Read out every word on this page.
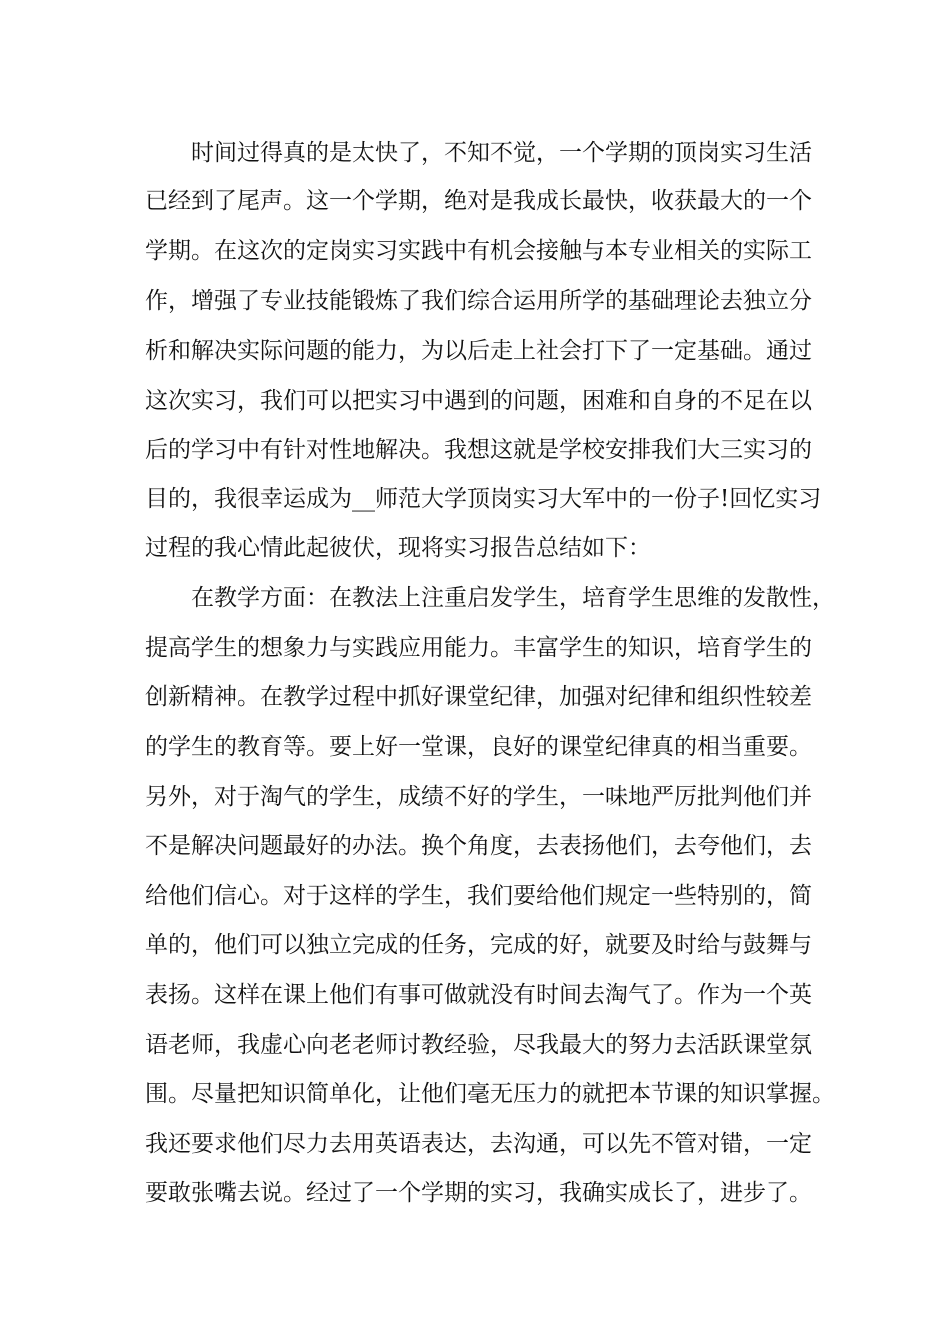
时间过得真的是太快了，不知不觉，一个学期的顶岗实习生活
已经到了尾声。这一个学期，绝对是我成长最快，收获最大的一个
学期。在这次的定岗实习实践中有机会接触与本专业相关的实际工
作，增强了专业技能锻炼了我们综合运用所学的基础理论去独立分
析和解决实际问题的能力，为以后走上社会打下了一定基础。通过
这次实习，我们可以把实习中遇到的问题，困难和自身的不足在以
后的学习中有针对性地解决。我想这就是学校安排我们大三实习的
目的，我很幸运成为__师范大学顶岗实习大军中的一份子!回忆实习
过程的我心情此起彼伏，现将实习报告总结如下：
在教学方面：在教法上注重启发学生，培育学生思维的发散性，
提高学生的想象力与实践应用能力。丰富学生的知识，培育学生的
创新精神。在教学过程中抓好课堂纪律，加强对纪律和组织性较差
的学生的教育等。要上好一堂课，良好的课堂纪律真的相当重要。
另外，对于淘气的学生，成绩不好的学生，一味地严厉批判他们并
不是解决问题最好的办法。换个角度，去表扬他们，去夸他们，去
给他们信心。对于这样的学生，我们要给他们规定一些特别的，简
单的，他们可以独立完成的任务，完成的好，就要及时给与鼓舞与
表扬。这样在课上他们有事可做就没有时间去淘气了。作为一个英
语老师，我虚心向老老师讨教经验，尽我最大的努力去活跃课堂氛
围。尽量把知识简单化，让他们毫无压力的就把本节课的知识掌握。
我还要求他们尽力去用英语表达，去沟通，可以先不管对错，一定
要敢张嘴去说。经过了一个学期的实习，我确实成长了，进步了。
